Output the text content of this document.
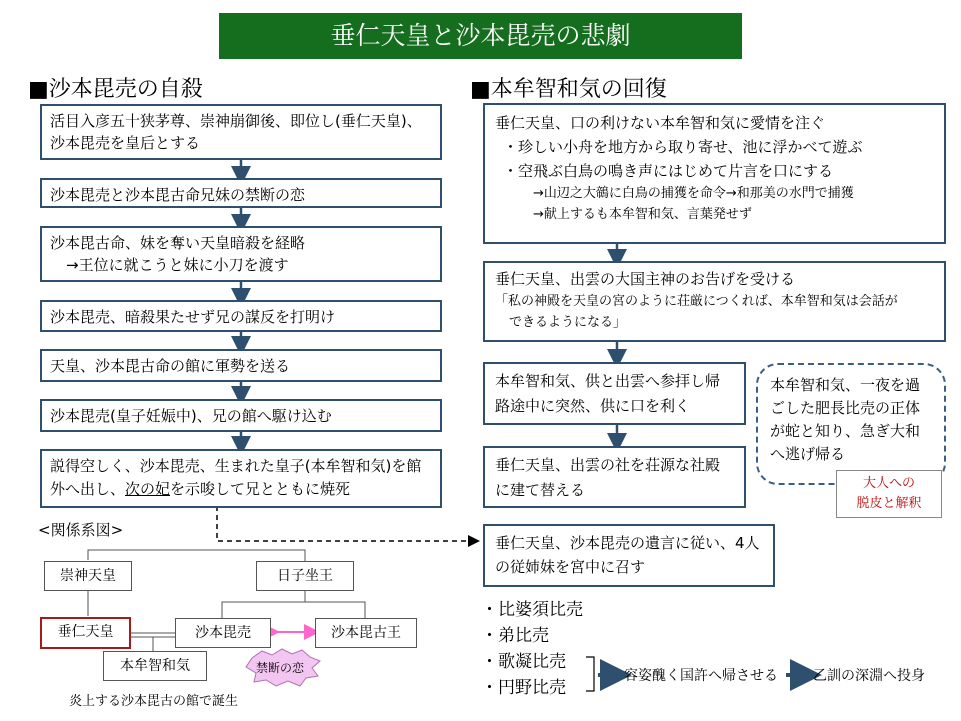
垂仁天皇と沙本毘売の悲劇
■沙本毘売の自殺
活目入彦五十狭茅尊、崇神崩御後、即位し(垂仁天皇)、沙本毘売を皇后とする
沙本毘売と沙本毘古命兄妹の禁断の恋
沙本毘古命、妹を奪い天皇暗殺を経略
→王位に就こうと妹に小刀を渡す
沙本毘売、暗殺果たせず兄の謀反を打明け
天皇、沙本毘古命の館に軍勢を送る
沙本毘売(皇子妊娠中)、兄の館へ駆け込む
説得空しく、沙本毘売、生まれた皇子(本牟智和気)を館外へ出し、次の妃を示唆して兄とともに焼死
<関係系図>
崇神天皇	日子坐王
垂仁天皇	沙本毘売	沙本毘古王
本牟智和気	禁断の恋
炎上する沙本毘古の館で誕生
■本牟智和気の回復
垂仁天皇、口の利けない本牟智和気に愛情を注ぐ
・珍しい小舟を地方から取り寄せ、池に浮かべて遊ぶ
・空飛ぶ白鳥の鳴き声にはじめて片言を口にする
→山辺之大鶙に白鳥の捕獲を命令→和那美の水門で捕獲
→献上するも本牟智和気、言葉発せず
垂仁天皇、出雲の大国主神のお告げを受ける
「私の神殿を天皇の宮のように荘厳につくれば、本牟智和気は会話が
できるようになる」
本牟智和気、供と出雲へ参拝し帰路途中に突然、供に口を利く
垂仁天皇、出雲の社を荘源な社殿に建て替える
本牟智和気、一夜を過ごした肥長比売の正体が蛇と知り、急ぎ大和へ逃げ帰る
大人への
脱皮と解釈
垂仁天皇、沙本毘売の遺言に従い、4人の従姉妹を宮中に召す
・比婆須比売
・弟比売
・歌凝比売
・円野比売
容姿醜く国許へ帰させる	乙訓の深淵へ投身
